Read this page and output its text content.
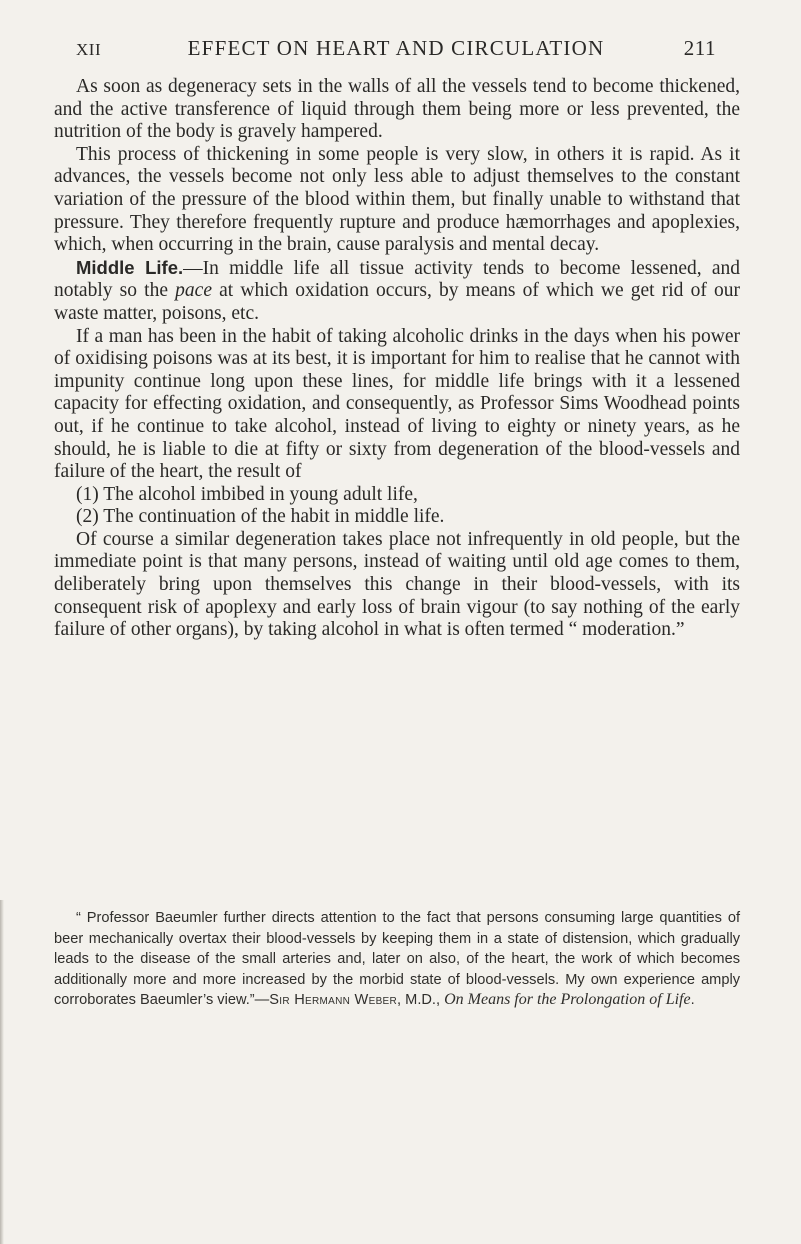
XII	EFFECT ON HEART AND CIRCULATION	211

As soon as degeneracy sets in the walls of all the vessels tend to become thickened, and the active transference of liquid through them being more or less prevented, the nutrition of the body is gravely hampered.

This process of thickening in some people is very slow, in others it is rapid. As it advances, the vessels become not only less able to adjust themselves to the constant variation of the pressure of the blood within them, but finally unable to withstand that pressure. They therefore frequently rupture and produce hæmorrhages and apoplexies, which, when occurring in the brain, cause paralysis and mental decay.

Middle Life.—In middle life all tissue activity tends to become lessened, and notably so the pace at which oxidation occurs, by means of which we get rid of our waste matter, poisons, etc.

If a man has been in the habit of taking alcoholic drinks in the days when his power of oxidising poisons was at its best, it is important for him to realise that he cannot with impunity continue long upon these lines, for middle life brings with it a lessened capacity for effecting oxidation, and consequently, as Professor Sims Woodhead points out, if he continue to take alcohol, instead of living to eighty or ninety years, as he should, he is liable to die at fifty or sixty from degeneration of the blood-vessels and failure of the heart, the result of

(1) The alcohol imbibed in young adult life,

(2) The continuation of the habit in middle life.

Of course a similar degeneration takes place not infrequently in old people, but the immediate point is that many persons, instead of waiting until old age comes to them, deliberately bring upon themselves this change in their blood-vessels, with its consequent risk of apoplexy and early loss of brain vigour (to say nothing of the early failure of other organs), by taking alcohol in what is often termed “ moderation.”

“ Professor Baeumler further directs attention to the fact that persons consuming large quantities of beer mechanically overtax their blood-vessels by keeping them in a state of distension, which gradually leads to the disease of the small arteries and, later on also, of the heart, the work of which becomes additionally more and more increased by the morbid state of blood-vessels. My own experience amply corroborates Baeumler’s view.”—Sir Hermann Weber, M.D., On Means for the Prolongation of Life.
